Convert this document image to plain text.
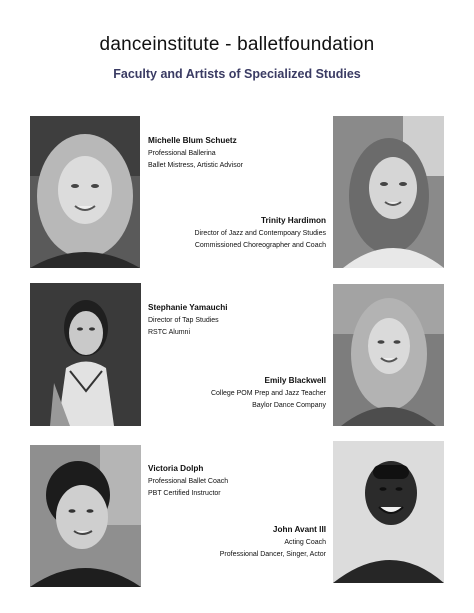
danceinstitute - balletfoundation
Faculty and Artists of Specialized Studies
Michelle Blum Schuetz
Professional Ballerina
Ballet Mistress, Artistic Advisor
Trinity Hardimon
Director of Jazz and Contempoary Studies
Commissioned Choreographer and Coach
Stephanie Yamauchi
Director of Tap Studies
RSTC Alumni
Emily Blackwell
College POM Prep and Jazz Teacher
Baylor Dance Company
Victoria Dolph
Professional Ballet Coach
PBT Certified Instructor
John Avant III
Acting Coach
Professional Dancer, Singer, Actor
